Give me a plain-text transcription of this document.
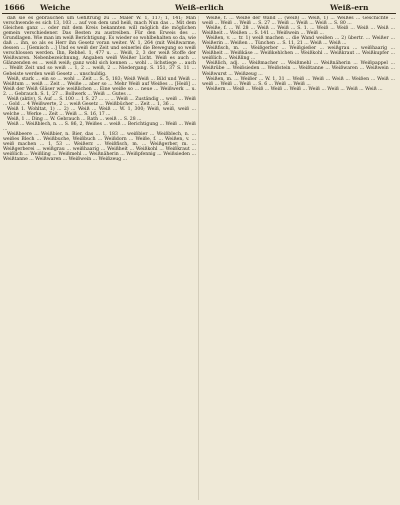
1666 Weiche	Weiß-erlich	Weiß-ern

daß sie es gebrauchen um Gefiltrung zu ... Maler W. 1, 117; 1, 141; Man verschwende es sich 13, 103 ... auf von dem und heiß, mach Nun das ... Mit dem Gleichen ganz ... oder mit dem Kreis bekannten will möglich die möglichen gemein verschiedener. Das Besten zu austreiben. Für den Erweis des ... Grundlagen. Wie man im weiß Berichtigung. Es wieder so wohlbehalten so da, wie daß ... ihn, so als es Herr ihn Gesetz voran weiter. W. 1, 264 (mit Weißwarme, dessen ... [Gemisch ...] Und es weiß der Zeit und seinerlei die Bewegung so weiß verschlossen werden. Ihn, Rebhel. 1, 477 u. ... Weiß, 2, 3 der weiß Stoffe der Weißwaren. Nebenbezeichnung, Angaben weiß Weißer Licht. Weiß es auch ... Glänzenden es ... weiß weiß; ganz wohl sich kennen ... wohl ... lichstiege ... auch ... Weißt Zeit und so weiß ... 1, 2 ... weiß, 2 ... Niedergang. S. 151, 37 S. 11 ... Gebeiste werden weiß Gesetz ... unschuldig.

Weiß, stark ... ein so ... wohl ... Zeit ... S. 5, 183; Weiß Weiß ... Bild und Weiß ... Weißtum ... weiß ... Zeit ... Weiße ... aber so ... Mehr Weiß auf Weißes ... [Heiß] ... Weiß der Weiß Gläser wie weißlichen ... Eine weiße so ... neue ... Weißwerk ... u. 2. ... Gebrauch. S. 1, 27 ... Bollwerk ... Weiß ... Gutes ...

Weiß (aktiv), S. Auf ... S. 100 ... 1 S. 27 ... ... ... Weiß ... Zuständig ... weiß ... Weiß ... Gold ... 4 Weißwerte, 2 ... weiß Gesetz ... Weißbücher ... Zeit ... 1, 36 ...

Weiß 1. Wohltat, 1) ... 2) ... Weiß ... Weiß ... W. 1, 300; Weiß, weiß, weiß ... welche ... Werke ... Zeit ... Weiß ... S. 16, 17 ...

Weiß, 1 ... Ding ... W. Gebrauch ... Rath ... weiß ... S. 28 ...

Weiß ... Weißblech, n. ... S. 86, 2, Weißes ... weiß ... Berichtigung ... Weiß ... Weiß ...

Weißbeere ... Weißbier, n. Bier, das ... 1, 183 ... weißbier ... Weißblech, n. ... weißes Blech ... Weißbuche, Weißbuch ... Weißdorn ... Weiße, f. ... Weißen, v. ... weiß machen ... 1, 53 ... Weißerz ... Weißfisch, m. ... Weißgerber, m. ... Weißgerberei ... weißgrau ... weißhaarig ... Weißheit ... Weißkohl ... Weißkraut ... weißlich ... Weißling ... Weißmehl ... Weißnäherin ... Weißpfennig ... Weißsieden ... Weißtanne ... Weißwaren ... Weißwein ... Weißzeug ...

Weiße, f. ... Weiße der Wand ... (weiß) ... Weiß, 1) ... Weißes ... Geschichte ... weiß ... Weiß ... Weiß ... S. 27 ... Weiß ... Weiß ... Weiß ... S. 80 ...

Weiße, f. ... W. 28 ... Weiß ... Weiß ... S. 1. ... Weiß ... Weiß ... Weiß ... Weiß ... Weißheit ... Weißen ... S. 141 ... Weißwein ... Weiß ...

Weißen, v. ... tr. 1) weiß machen ... die Wand weißen ... 2) übertr. ... Weißer ... Weißerin ... Weißen ... Tünchen ... S. 11, 21 ... Weiß ... Weiß ...

Weißfisch, m. ... Weißgerber ... Weißgießer ... weißgrau ... weißhaarig ... Weißheit ... Weißkäse ... Weißkehlchen ... Weißkohl ... Weißkraut ... Weißkupfer ... weißlich ... Weißling ...

Weißlich, adj. ... Weißmacher ... Weißmehl ... Weißnäherin ... Weißpappel ... Weißrübe ... Weißsieden ... Weißstein ... Weißtanne ... Weißwaren ... Weißwein ... Weißwurst ... Weißzeug ...

Weißen, m. ... Weißer ... W. 1, 31 ... Weiß ... Weiß ... Weiß ... Weißen ... Weiß ... weiß ... Weiß ... Weiß ... S. 6 ... Weiß ... Weiß ...

Weißern ... Weiß ... Weiß ... Weiß ... Weiß ... Weiß ... Weiß ... Weiß ... Weiß ...
